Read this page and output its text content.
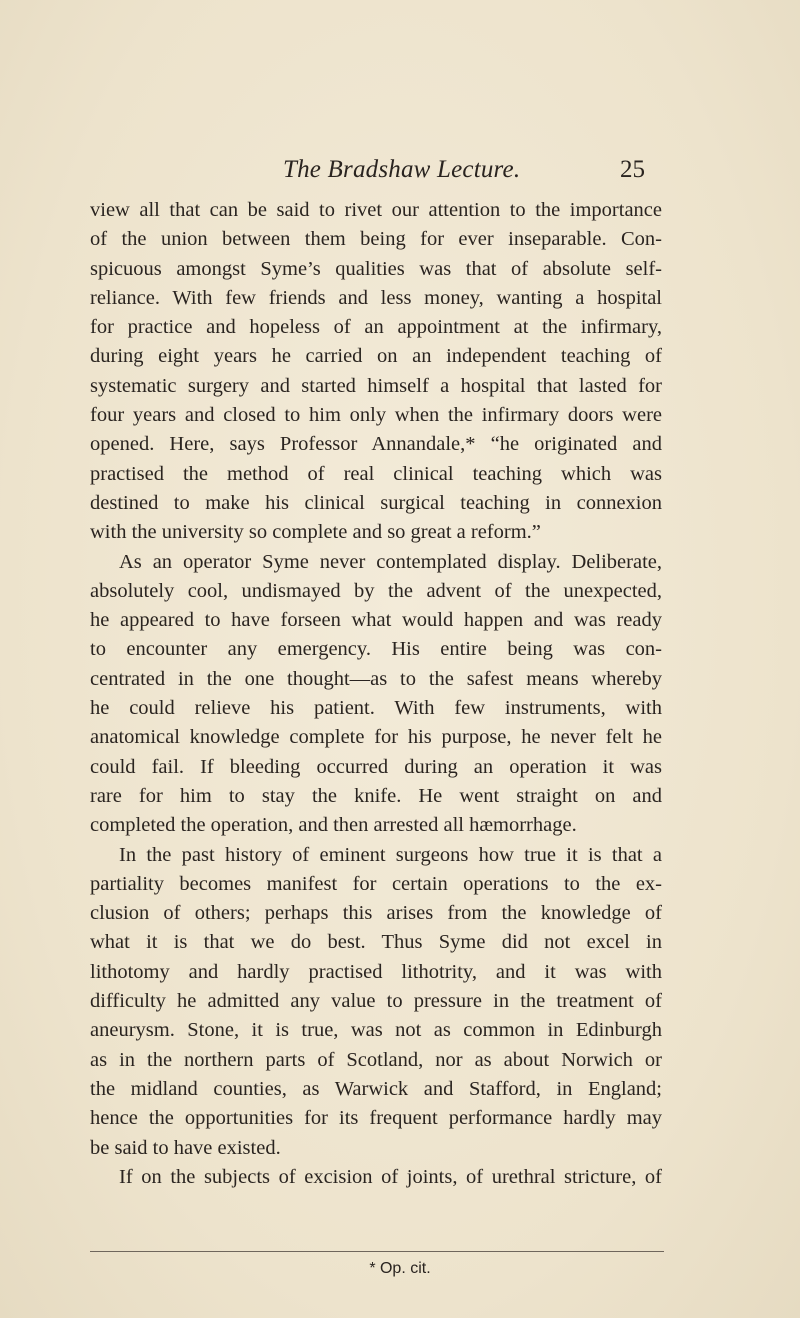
The Bradshaw Lecture.	25
view all that can be said to rivet our attention to the importance
of the union between them being for ever inseparable. Con-
spicuous amongst Syme’s qualities was that of absolute self-
reliance. With few friends and less money, wanting a hospital
for practice and hopeless of an appointment at the infirmary,
during eight years he carried on an independent teaching of
systematic surgery and started himself a hospital that lasted for
four years and closed to him only when the infirmary doors were
opened. Here, says Professor Annandale,* “he originated and
practised the method of real clinical teaching which was
destined to make his clinical surgical teaching in connexion
with the university so complete and so great a reform.”
As an operator Syme never contemplated display. Deliberate,
absolutely cool, undismayed by the advent of the unexpected,
he appeared to have forseen what would happen and was ready
to encounter any emergency. His entire being was con-
centrated in the one thought—as to the safest means whereby
he could relieve his patient. With few instruments, with
anatomical knowledge complete for his purpose, he never felt he
could fail. If bleeding occurred during an operation it was
rare for him to stay the knife. He went straight on and
completed the operation, and then arrested all hæmorrhage.
In the past history of eminent surgeons how true it is that a
partiality becomes manifest for certain operations to the ex-
clusion of others; perhaps this arises from the knowledge of
what it is that we do best. Thus Syme did not excel in
lithotomy and hardly practised lithotrity, and it was with
difficulty he admitted any value to pressure in the treatment of
aneurysm. Stone, it is true, was not as common in Edinburgh
as in the northern parts of Scotland, nor as about Norwich or
the midland counties, as Warwick and Stafford, in England;
hence the opportunities for its frequent performance hardly may
be said to have existed.
If on the subjects of excision of joints, of urethral stricture, of
* Op. cit.
